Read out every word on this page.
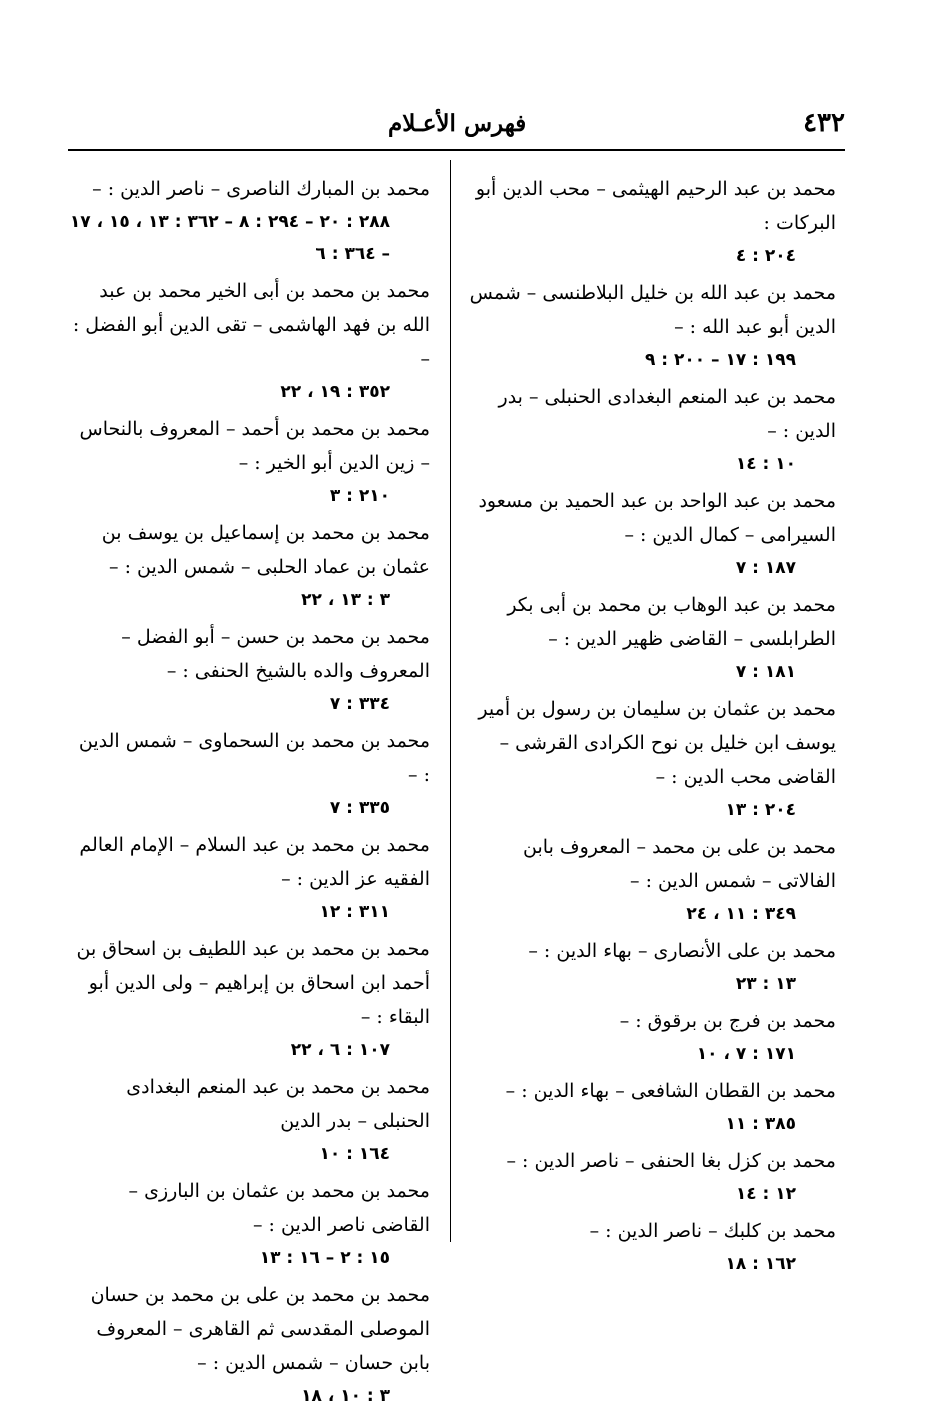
٤٣٢
فهرس الأعـلام
محمد بن عبد الرحيم الهيثمى – محب الدين أبو البركات :
٢٠٤ : ٤
محمد بن عبد الله بن خليل البلاطنسى – شمس الدين أبو عبد الله : –
١٩٩ : ١٧ – ٢٠٠ : ٩
محمد بن عبد المنعم البغدادى الحنبلى – بدر الدين : –
١٠ : ١٤
محمد بن عبد الواحد بن عبد الحميد بن مسعود السيرامى – كمال الدين : –
١٨٧ : ٧
محمد بن عبد الوهاب بن محمد بن أبى بكر الطرابلسى – القاضى ظهير الدين : –
١٨١ : ٧
محمد بن عثمان بن سليمان بن رسول بن أمير يوسف ابن خليل بن نوح الكرادى القرشى – القاضى محب الدين : –
٢٠٤ : ١٣
محمد بن على بن محمد – المعروف بابن الفالاتى – شمس الدين : –
٣٤٩ : ١١ ، ٢٤
محمد بن على الأنصارى – بهاء الدين : –
١٣ : ٢٣
محمد بن فرج بن برقوق : –
١٧١ : ٧ ، ١٠
محمد بن القطان الشافعى – بهاء الدين : –
٣٨٥ : ١١
محمد بن كزل بغا الحنفى – ناصر الدين : –
١٢ : ١٤
محمد بن كلبك – ناصر الدين : –
١٦٢ : ١٨
محمد بن المبارك الناصرى – ناصر الدين : –
٢٨٨ : ٢٠ – ٢٩٤ : ٨ – ٣٦٢ : ١٣ ، ١٥ ، ١٧ – ٣٦٤ : ٦
محمد بن محمد بن أبى الخير محمد بن عبد الله بن فهد الهاشمى – تقى الدين أبو الفضل : –
٣٥٢ : ١٩ ، ٢٢
محمد بن محمد بن أحمد – المعروف بالنحاس – زين الدين أبو الخير : –
٢١٠ : ٣
محمد بن محمد بن إسماعيل بن يوسف بن عثمان بن عماد الحلبى – شمس الدين : –
٣ : ١٣ ، ٢٢
محمد بن محمد بن حسن – أبو الفضل – المعروف والده بالشيخ الحنفى : –
٣٣٤ : ٧
محمد بن محمد بن السحماوى – شمس الدين : –
٣٣٥ : ٧
محمد بن محمد بن عبد السلام – الإمام العالم الفقيه عز الدين : –
٣١١ : ١٢
محمد بن محمد بن عبد اللطيف بن اسحاق بن أحمد ابن اسحاق بن إبراهيم – ولى الدين أبو البقاء : –
١٠٧ : ٦ ، ٢٢
محمد بن محمد بن عبد المنعم البغدادى الحنبلى – بدر الدين
١٦٤ : ١٠
محمد بن محمد بن عثمان بن البارزى – القاضى ناصر الدين : –
١٥ : ٢ – ١٦ : ١٣
محمد بن محمد بن على بن محمد بن حسان الموصلى المقدسى ثم القاهرى – المعروف بابن حسان – شمس الدين : –
٣ : ١٠ ، ١٨
